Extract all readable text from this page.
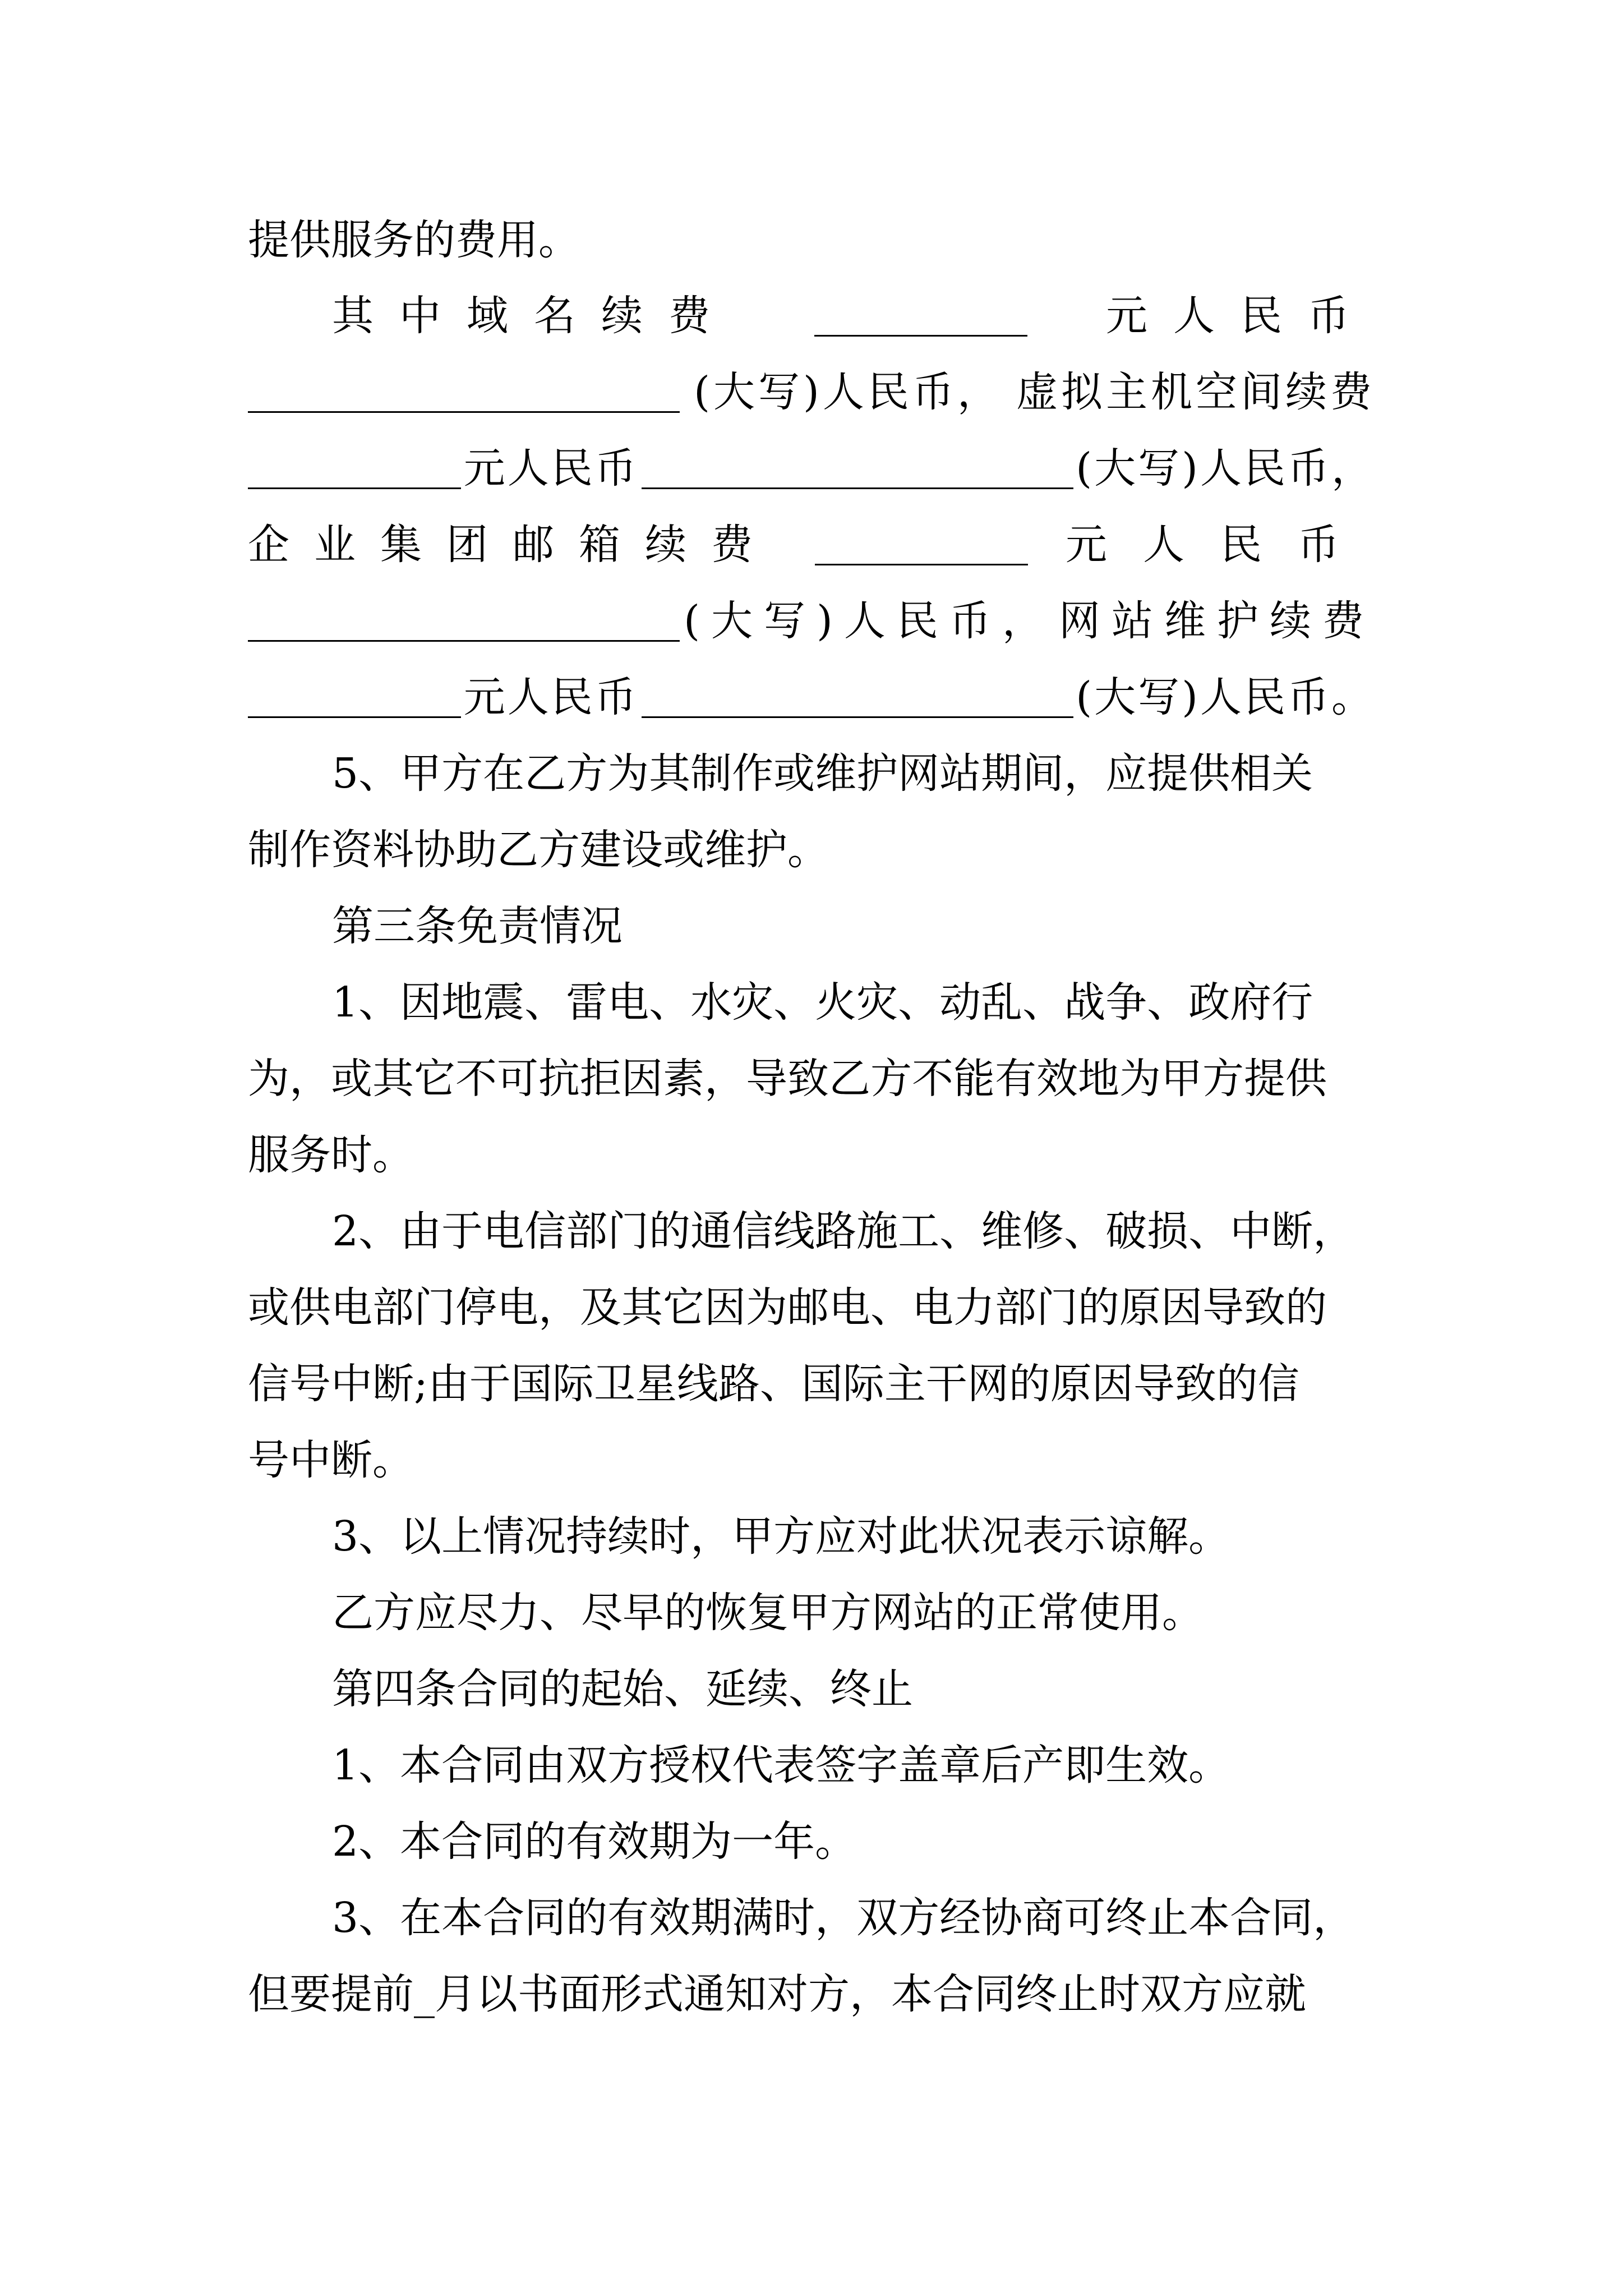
提供服务的费用。
其中域名续费	元人民币
(大写)人民币， 虚拟主机空间续费
元人民币	(大写)人民币，
企业集团邮箱续费	元人民币
(大写)人民币， 网站维护续费
元人民币	(大写)人民币。
5、甲方在乙方为其制作或维护网站期间，应提供相关
制作资料协助乙方建设或维护。
第三条免责情况
1、因地震、雷电、水灾、火灾、动乱、战争、政府行
为，或其它不可抗拒因素，导致乙方不能有效地为甲方提供
服务时。
2、由于电信部门的通信线路施工、维修、破损、中断，
或供电部门停电，及其它因为邮电、电力部门的原因导致的
信号中断;由于国际卫星线路、国际主干网的原因导致的信
号中断。
3、以上情况持续时，甲方应对此状况表示谅解。
乙方应尽力、尽早的恢复甲方网站的正常使用。
第四条合同的起始、延续、终止
1、本合同由双方授权代表签字盖章后产即生效。
2、本合同的有效期为一年。
3、在本合同的有效期满时，双方经协商可终止本合同，
但要提前_月以书面形式通知对方，本合同终止时双方应就
